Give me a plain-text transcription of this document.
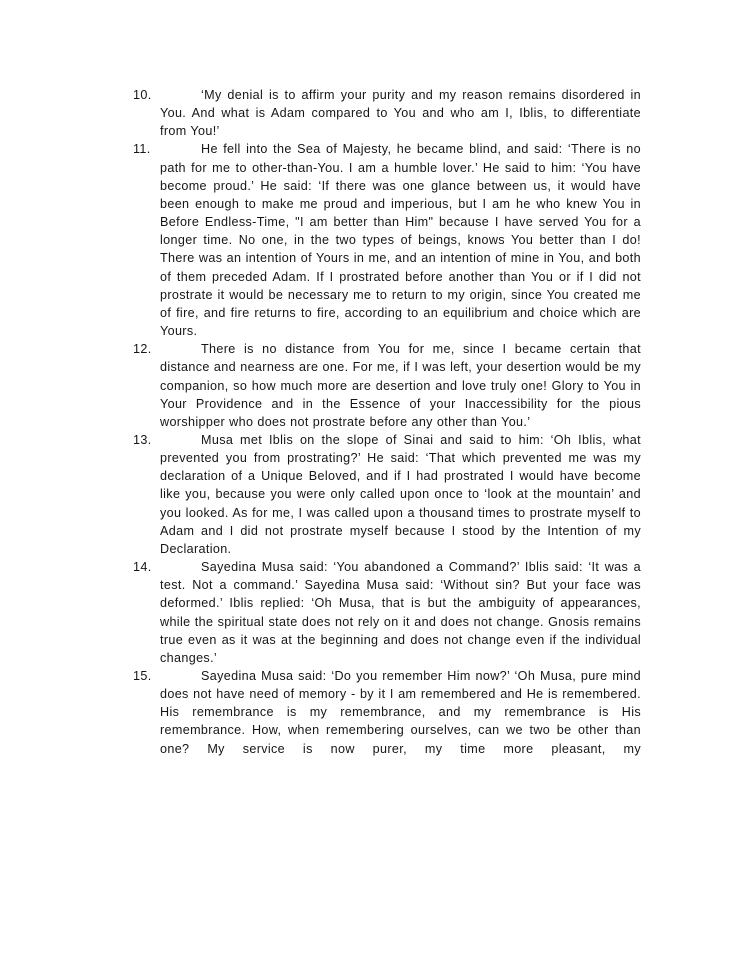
10.	‘My denial is to affirm your purity and my reason remains disordered in You. And what is Adam compared to You and who am I, Iblis, to differentiate from You!’
11.	He fell into the Sea of Majesty, he became blind, and said: ‘There is no path for me to other-than-You. I am a humble lover.’ He said to him: ‘You have become proud.’ He said: ‘If there was one glance between us, it would have been enough to make me proud and imperious, but I am he who knew You in Before Endless-Time, "I am better than Him" because I have served You for a longer time. No one, in the two types of beings, knows You better than I do! There was an intention of Yours in me, and an intention of mine in You, and both of them preceded Adam. If I prostrated before another than You or if I did not prostrate it would be necessary me to return to my origin, since You created me of fire, and fire returns to fire, according to an equilibrium and choice which are Yours.
12.	There is no distance from You for me, since I became certain that distance and nearness are one. For me, if I was left, your desertion would be my companion, so how much more are desertion and love truly one! Glory to You in Your Providence and in the Essence of your Inaccessibility for the pious worshipper who does not prostrate before any other than You.’
13.	Musa met Iblis on the slope of Sinai and said to him: ‘Oh Iblis, what prevented you from prostrating?’ He said: ‘That which prevented me was my declaration of a Unique Beloved, and if I had prostrated I would have become like you, because you were only called upon once to ‘look at the mountain’ and you looked. As for me, I was called upon a thousand times to prostrate myself to Adam and I did not prostrate myself because I stood by the Intention of my Declaration.
14.	Sayedina Musa said: ‘You abandoned a Command?’ Iblis said: ‘It was a test. Not a command.’ Sayedina Musa said: ‘Without sin? But your face was deformed.’ Iblis replied: ‘Oh Musa, that is but the ambiguity of appearances, while the spiritual state does not rely on it and does not change. Gnosis remains true even as it was at the beginning and does not change even if the individual changes.’
15.	Sayedina Musa said: ‘Do you remember Him now?’ ‘Oh Musa, pure mind does not have need of memory - by it I am remembered and He is remembered. His remembrance is my remembrance, and my remembrance is His remembrance. How, when remembering ourselves, can we two be other than one? My service is now purer, my time more pleasant, my
